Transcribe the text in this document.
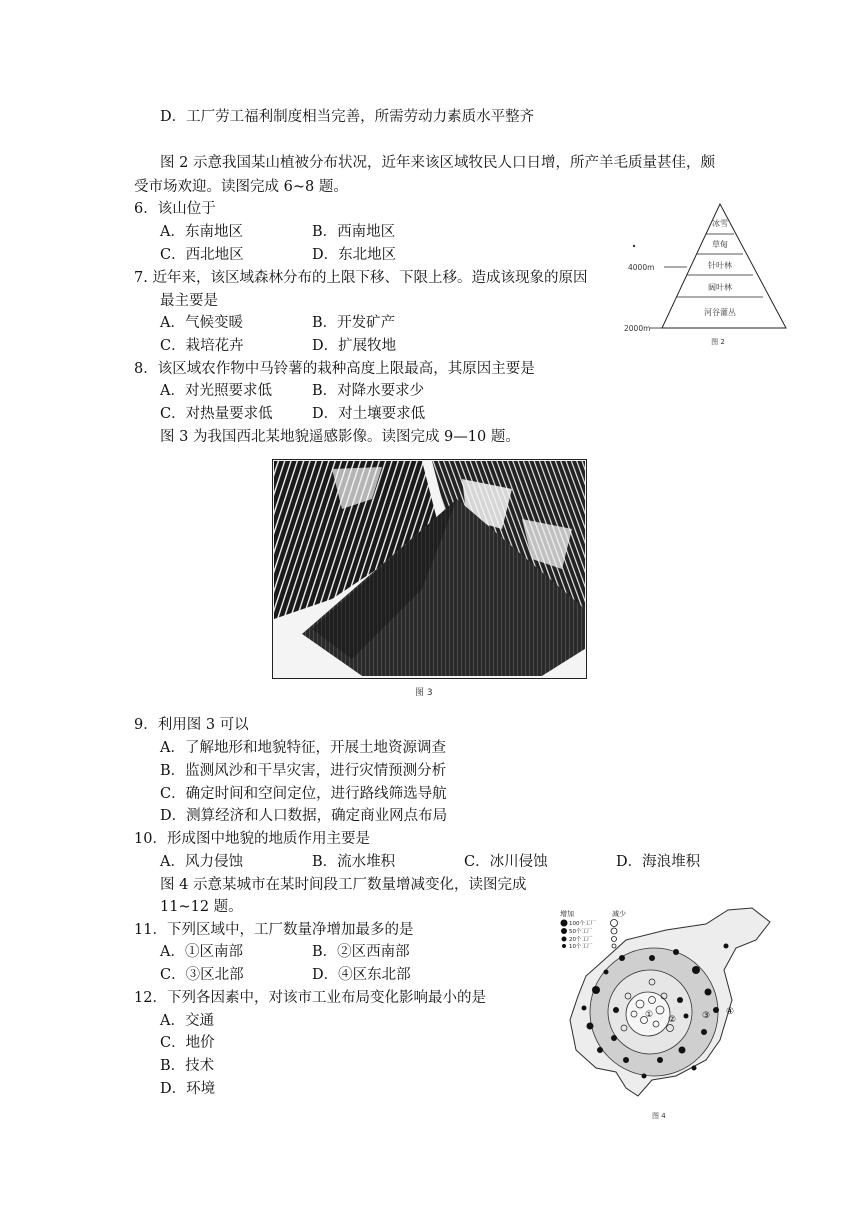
D．工厂劳工福利制度相当完善，所需劳动力素质水平整齐
图 2 示意我国某山植被分布状况，近年来该区域牧民人口日增，所产羊毛质量甚佳，颇
受市场欢迎。读图完成 6~8 题。
6．该山位于
A．东南地区	B．西南地区
C．西北地区	D．东北地区
7. 近年来，该区域森林分布的上限下移、下限上移。造成该现象的原因
最主要是
A．气候变暖	B．开发矿产
C．栽培花卉	D．扩展牧地
8．该区域农作物中马铃薯的栽种高度上限最高，其原因主要是
A．对光照要求低	B．对降水要求少
C．对热量要求低	D．对土壤要求低
图 3 为我国西北某地貌遥感影像。读图完成 9—10 题。
冰雪
草甸
针叶林
阔叶林
河谷灌丛
4000m
2000m
图 2
图 3
9．利用图 3 可以
A．了解地形和地貌特征，开展土地资源调查
B．监测风沙和干旱灾害，进行灾情预测分析
C．确定时间和空间定位，进行路线筛选导航
D．测算经济和人口数据，确定商业网点布局
10．形成图中地貌的地质作用主要是
A．风力侵蚀	B．流水堆积	C．冰川侵蚀	D．海浪堆积
图 4 示意某城市在某时间段工厂数量增减变化，读图完成
11~12 题。
11．下列区域中，工厂数量净增加最多的是
A．①区南部	B．②区西南部
C．③区北部	D．④区东北部
12．下列各因素中，对该市工业布局变化影响最小的是
A．交通
C．地价
B．技术
D．环境
增加	减少
100个工厂
50个工厂
20个工厂
10个工厂
① ②	③ ④
图 4
